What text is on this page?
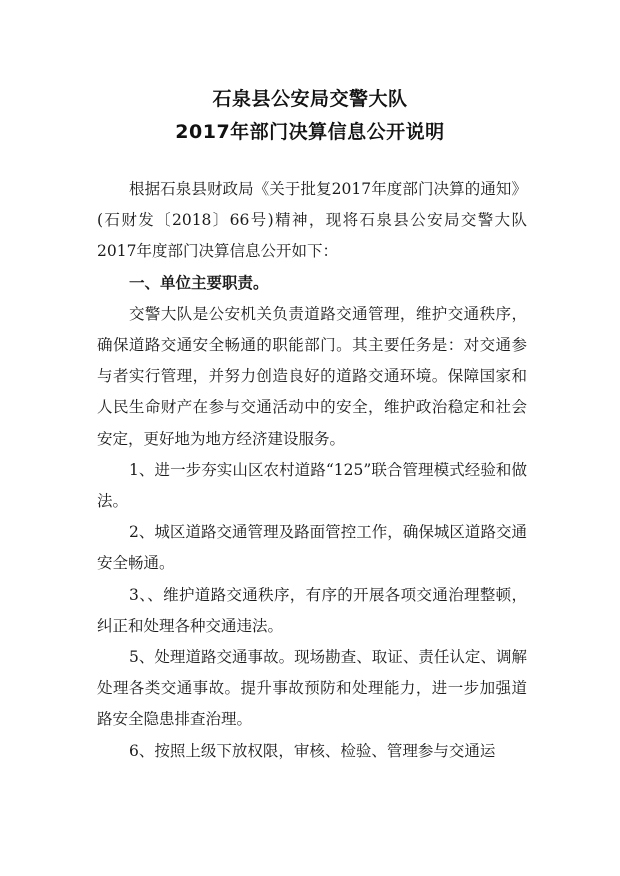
石泉县公安局交警大队
2017年部门决算信息公开说明

根据石泉县财政局《关于批复2017年度部门决算的通知》(石财发〔2018〕66号)精神，现将石泉县公安局交警大队2017年度部门决算信息公开如下：

一、单位主要职责。

交警大队是公安机关负责道路交通管理，维护交通秩序，确保道路交通安全畅通的职能部门。其主要任务是：对交通参与者实行管理，并努力创造良好的道路交通环境。保障国家和人民生命财产在参与交通活动中的安全，维护政治稳定和社会安定，更好地为地方经济建设服务。

1、进一步夯实山区农村道路“125”联合管理模式经验和做法。

2、城区道路交通管理及路面管控工作，确保城区道路交通安全畅通。

3、、维护道路交通秩序，有序的开展各项交通治理整顿，纠正和处理各种交通违法。

5、处理道路交通事故。现场勘查、取证、责任认定、调解处理各类交通事故。提升事故预防和处理能力，进一步加强道路安全隐患排查治理。

6、按照上级下放权限，审核、检验、管理参与交通运
